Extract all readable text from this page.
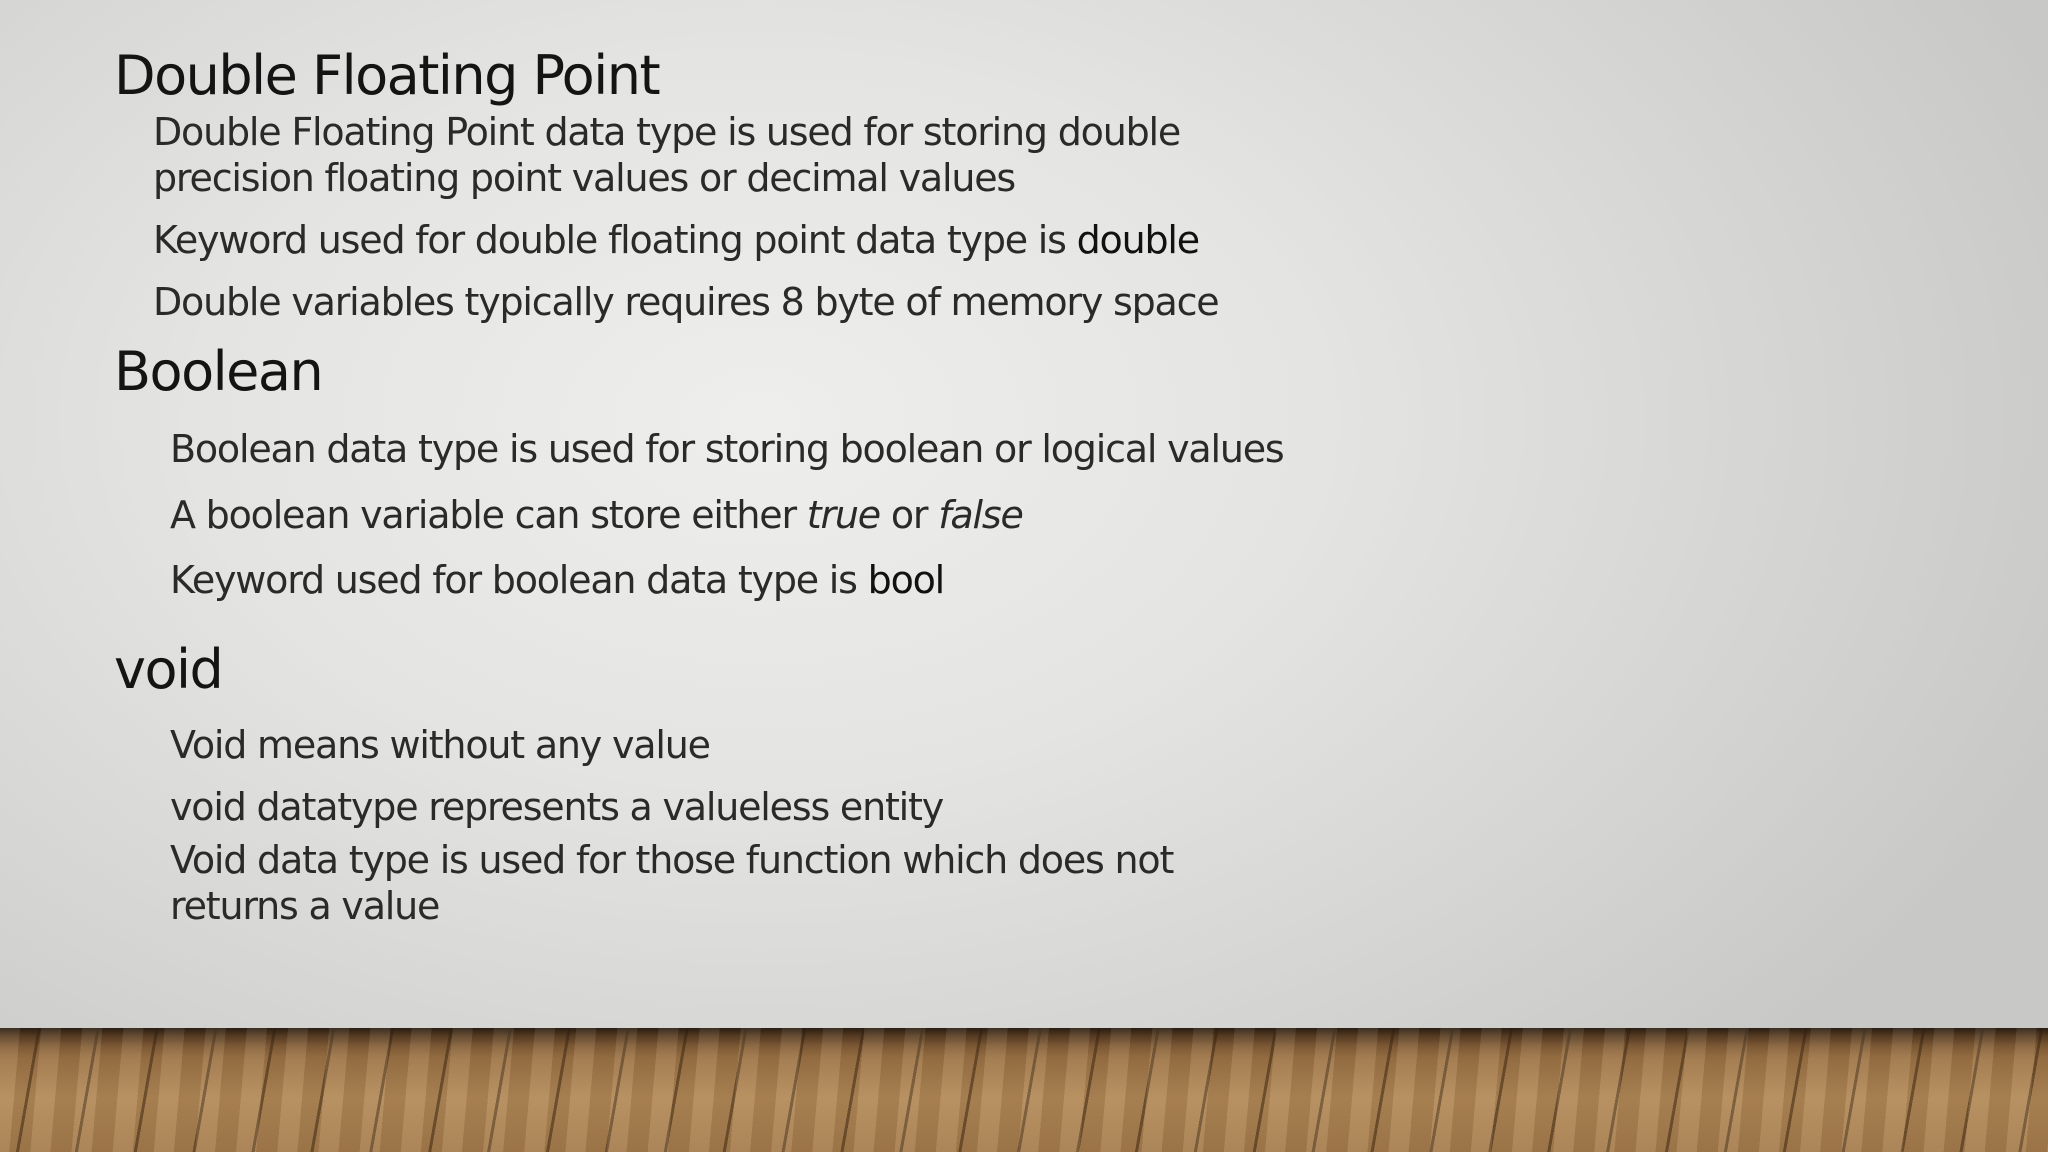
Double Floating Point

Double Floating Point data type is used for storing double
precision floating point values or decimal values

Keyword used for double floating point data type is double

Double variables typically requires 8 byte of memory space

Boolean

Boolean data type is used for storing boolean or logical values

A boolean variable can store either true or false

Keyword used for boolean data type is bool

void

Void means without any value

void datatype represents a valueless entity

Void data type is used for those function which does not
returns a value
